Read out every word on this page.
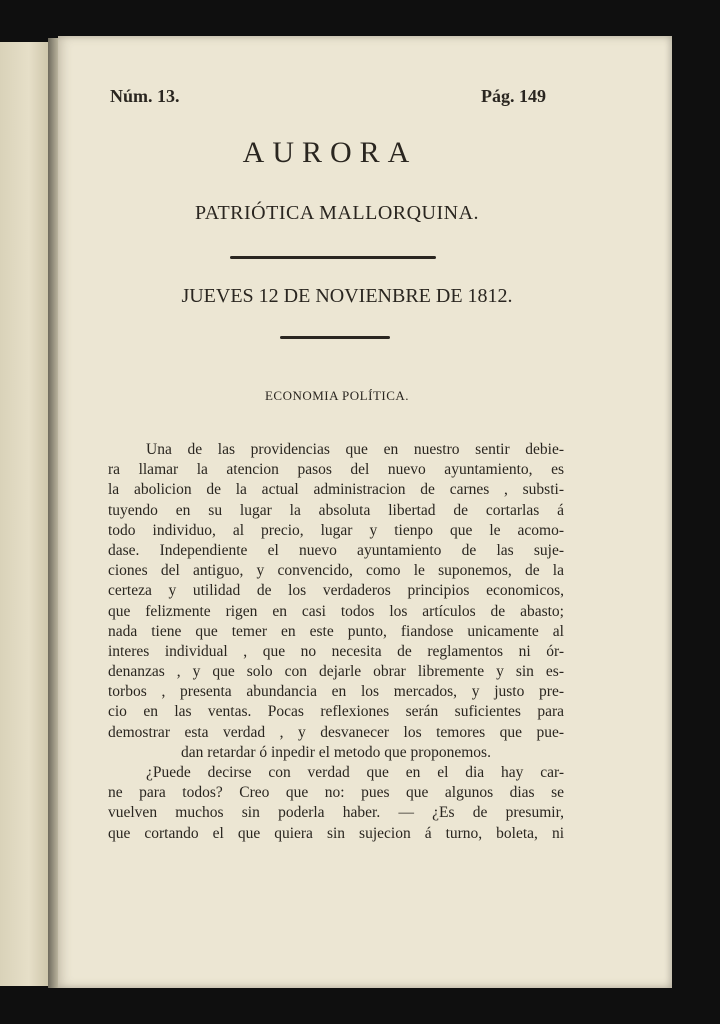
Núm. 13.	Pág. 149
AURORA
PATRIÓTICA MALLORQUINA.
JUEVES 12 DE NOVIENBRE DE 1812.
ECONOMIA POLÍTICA.
Una de las providencias que en nuestro sentir debie-
ra llamar la atencion pasos del nuevo ayuntamiento, es
la abolicion de la actual administracion de carnes , substi-
tuyendo en su lugar la absoluta libertad de cortarlas á
todo individuo, al precio, lugar y tienpo que le acomo-
dase. Independiente el nuevo ayuntamiento de las suje-
ciones del antiguo, y convencido, como le suponemos, de la
certeza y utilidad de los verdaderos principios economicos,
que felizmente rigen en casi todos los artículos de abasto;
nada tiene que temer en este punto, fiandose unicamente al
interes individual , que no necesita de reglamentos ni ór-
denanzas , y que solo con dejarle obrar libremente y sin es-
torbos , presenta abundancia en los mercados, y justo pre-
cio en las ventas. Pocas reflexiones serán suficientes para
demostrar esta verdad , y desvanecer los temores que pue-
dan retardar ó inpedir el metodo que proponemos.
¿Puede decirse con verdad que en el dia hay car-
ne para todos? Creo que no: pues que algunos dias se
vuelven muchos sin poderla haber. — ¿Es de presumir,
que cortando el que quiera sin sujecion á turno, boleta, ni
